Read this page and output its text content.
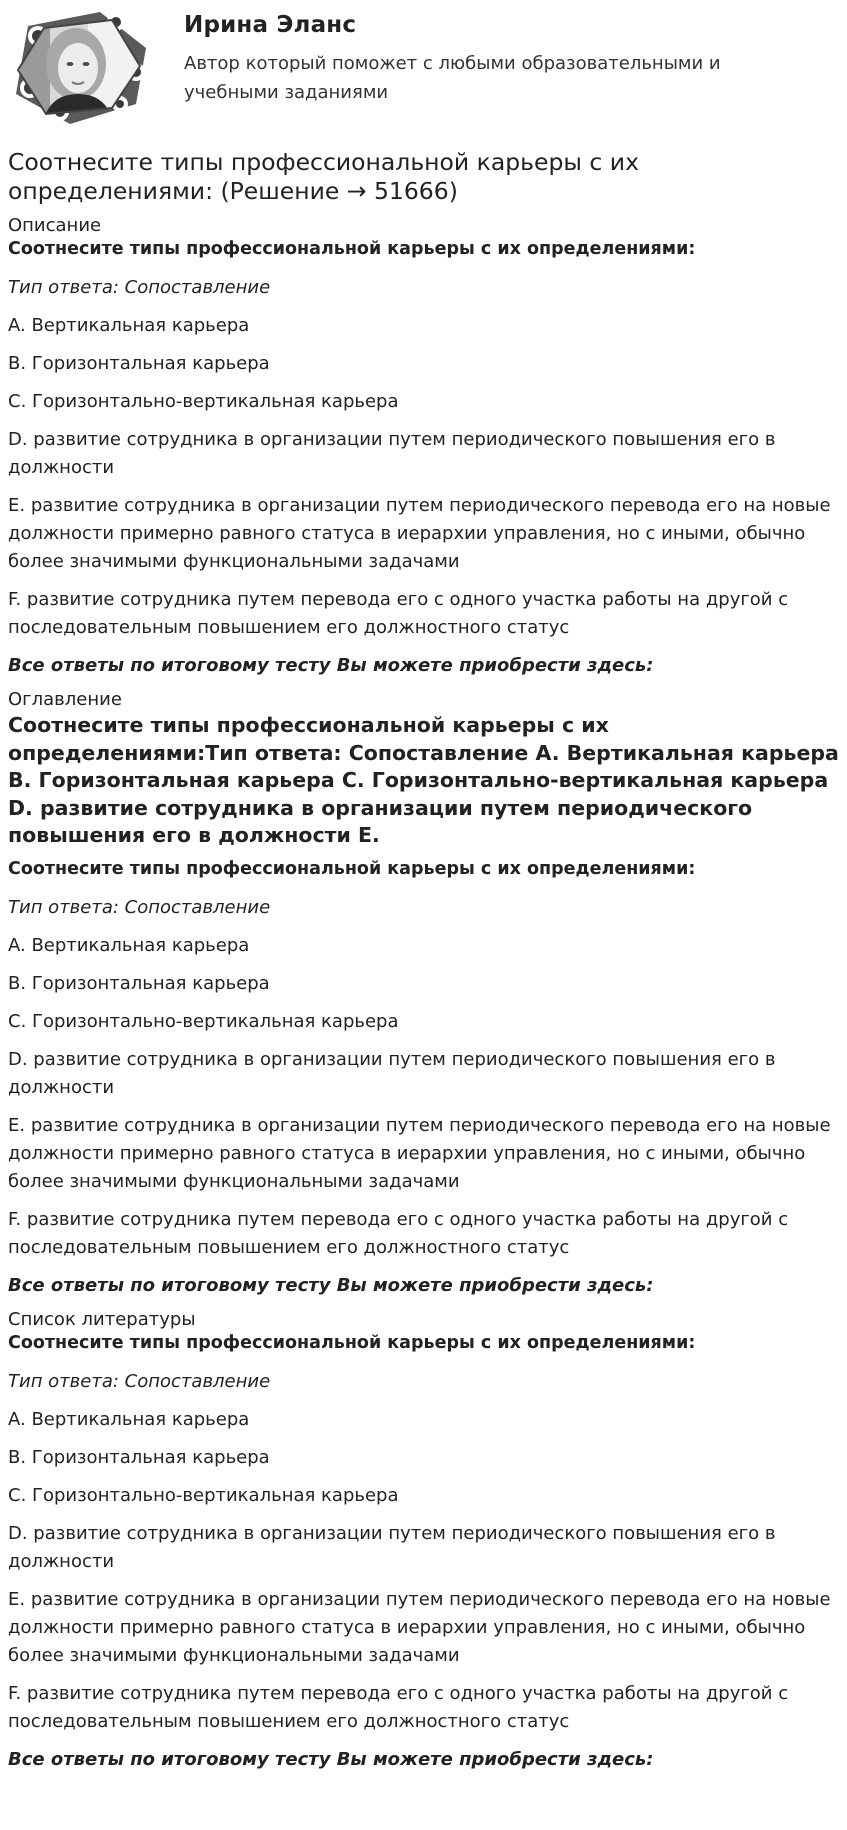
Ирина Эланс
Автор который поможет с любыми образовательными и учебными заданиями
Соотнесите типы профессиональной карьеры с их определениями: (Решение → 51666)
Описание
Соотнесите типы профессиональной карьеры с их определениями:
Тип ответа: Сопоставление
A. Вертикальная карьера
B. Горизонтальная карьера
C. Горизонтально-вертикальная карьера
D. развитие сотрудника в организации путем периодического повышения его в должности
E. развитие сотрудника в организации путем периодического перевода его на новые должности примерно равного статуса в иерархии управления, но с иными, обычно более значимыми функциональными задачами
F. развитие сотрудника путем перевода его с одного участка работы на другой с последовательным повышением его должностного статус
Все ответы по итоговому тесту Вы можете приобрести здесь:
Оглавление
Соотнесите типы профессиональной карьеры с их определениями:Тип ответа: Сопоставление A. Вертикальная карьера B. Горизонтальная карьера C. Горизонтально-вертикальная карьера D. развитие сотрудника в организации путем периодического повышения его в должности E.
Соотнесите типы профессиональной карьеры с их определениями:
Тип ответа: Сопоставление
A. Вертикальная карьера
B. Горизонтальная карьера
C. Горизонтально-вертикальная карьера
D. развитие сотрудника в организации путем периодического повышения его в должности
E. развитие сотрудника в организации путем периодического перевода его на новые должности примерно равного статуса в иерархии управления, но с иными, обычно более значимыми функциональными задачами
F. развитие сотрудника путем перевода его с одного участка работы на другой с последовательным повышением его должностного статус
Все ответы по итоговому тесту Вы можете приобрести здесь:
Список литературы
Соотнесите типы профессиональной карьеры с их определениями:
Тип ответа: Сопоставление
A. Вертикальная карьера
B. Горизонтальная карьера
C. Горизонтально-вертикальная карьера
D. развитие сотрудника в организации путем периодического повышения его в должности
E. развитие сотрудника в организации путем периодического перевода его на новые должности примерно равного статуса в иерархии управления, но с иными, обычно более значимыми функциональными задачами
F. развитие сотрудника путем перевода его с одного участка работы на другой с последовательным повышением его должностного статус
Все ответы по итоговому тесту Вы можете приобрести здесь:
